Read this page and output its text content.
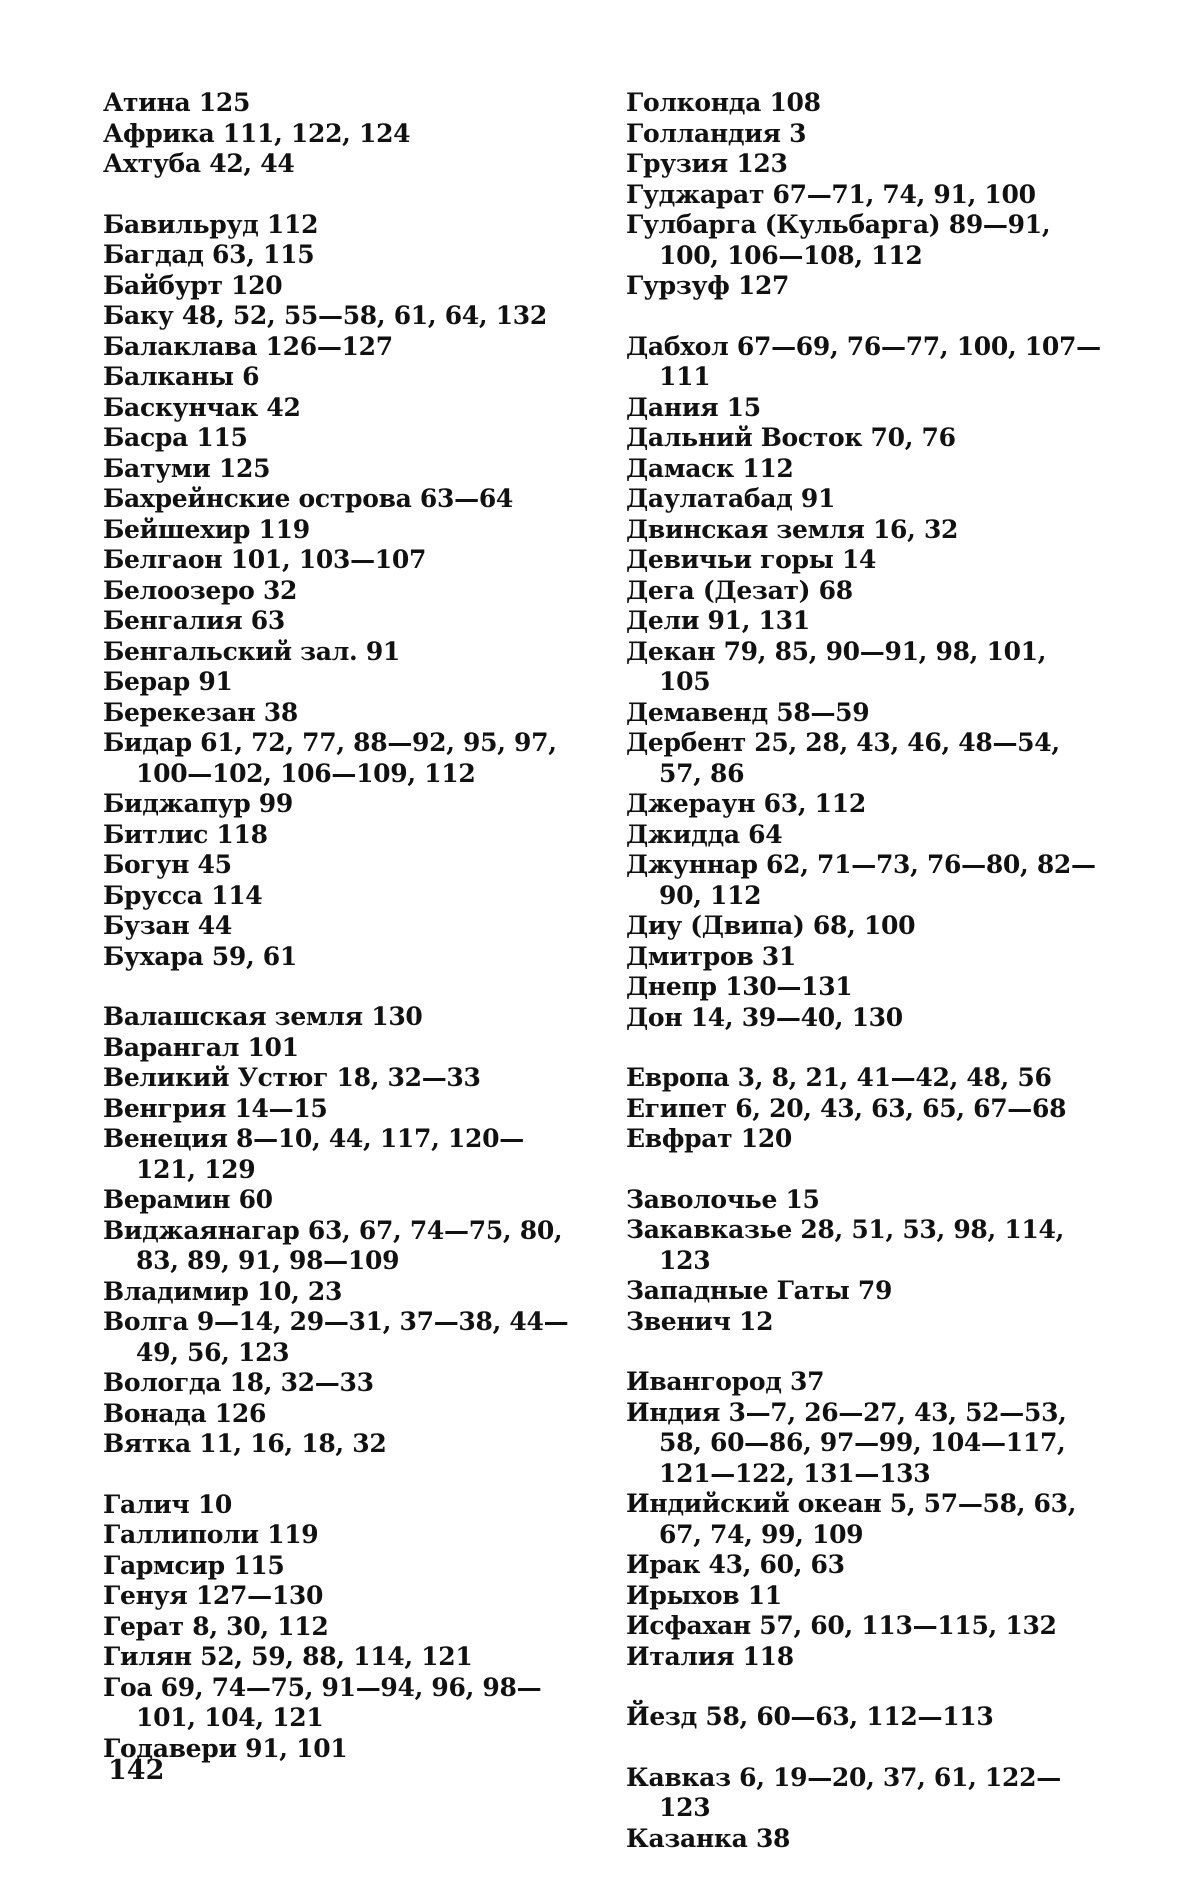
Атина 125
Африка 111, 122, 124
Ахтуба 42, 44
Бавильруд 112
Багдад 63, 115
Байбурт 120
Баку 48, 52, 55—58, 61, 64, 132
Балаклава 126—127
Балканы 6
Баскунчак 42
Басра 115
Батуми 125
Бахрейнские острова 63—64
Бейшехир 119
Белгаон 101, 103—107
Белоозеро 32
Бенгалия 63
Бенгальский зал. 91
Берар 91
Берекезан 38
Бидар 61, 72, 77, 88—92, 95, 97, 100—102, 106—109, 112
Биджапур 99
Битлис 118
Богун 45
Брусса 114
Бузан 44
Бухара 59, 61
Валашская земля 130
Варангал 101
Великий Устюг 18, 32—33
Венгрия 14—15
Венеция 8—10, 44, 117, 120—121, 129
Верамин 60
Виджаянагар 63, 67, 74—75, 80, 83, 89, 91, 98—109
Владимир 10, 23
Волга 9—14, 29—31, 37—38, 44—49, 56, 123
Вологда 18, 32—33
Вонада 126
Вятка 11, 16, 18, 32
Галич 10
Галлиполи 119
Гармсир 115
Генуя 127—130
Герат 8, 30, 112
Гилян 52, 59, 88, 114, 121
Гоа 69, 74—75, 91—94, 96, 98—101, 104, 121
Годавери 91, 101
Голконда 108
Голландия 3
Грузия 123
Гуджарат 67—71, 74, 91, 100
Гулбарга (Кульбарга) 89—91, 100, 106—108, 112
Гурзуф 127
Дабхол 67—69, 76—77, 100, 107—111
Дания 15
Дальний Восток 70, 76
Дамаск 112
Даулатабад 91
Двинская земля 16, 32
Девичьи горы 14
Дега (Дезат) 68
Дели 91, 131
Декан 79, 85, 90—91, 98, 101, 105
Демавенд 58—59
Дербент 25, 28, 43, 46, 48—54, 57, 86
Джераун 63, 112
Джидда 64
Джуннар 62, 71—73, 76—80, 82—90, 112
Диу (Двипа) 68, 100
Дмитров 31
Днепр 130—131
Дон 14, 39—40, 130
Европа 3, 8, 21, 41—42, 48, 56
Египет 6, 20, 43, 63, 65, 67—68
Евфрат 120
Заволочье 15
Закавказье 28, 51, 53, 98, 114, 123
Западные Гаты 79
Звенич 12
Ивангород 37
Индия 3—7, 26—27, 43, 52—53, 58, 60—86, 97—99, 104—117, 121—122, 131—133
Индийский океан 5, 57—58, 63, 67, 74, 99, 109
Ирак 43, 60, 63
Ирыхов 11
Исфахан 57, 60, 113—115, 132
Италия 118
Йезд 58, 60—63, 112—113
Кавказ 6, 19—20, 37, 61, 122—123
Казанка 38
142
